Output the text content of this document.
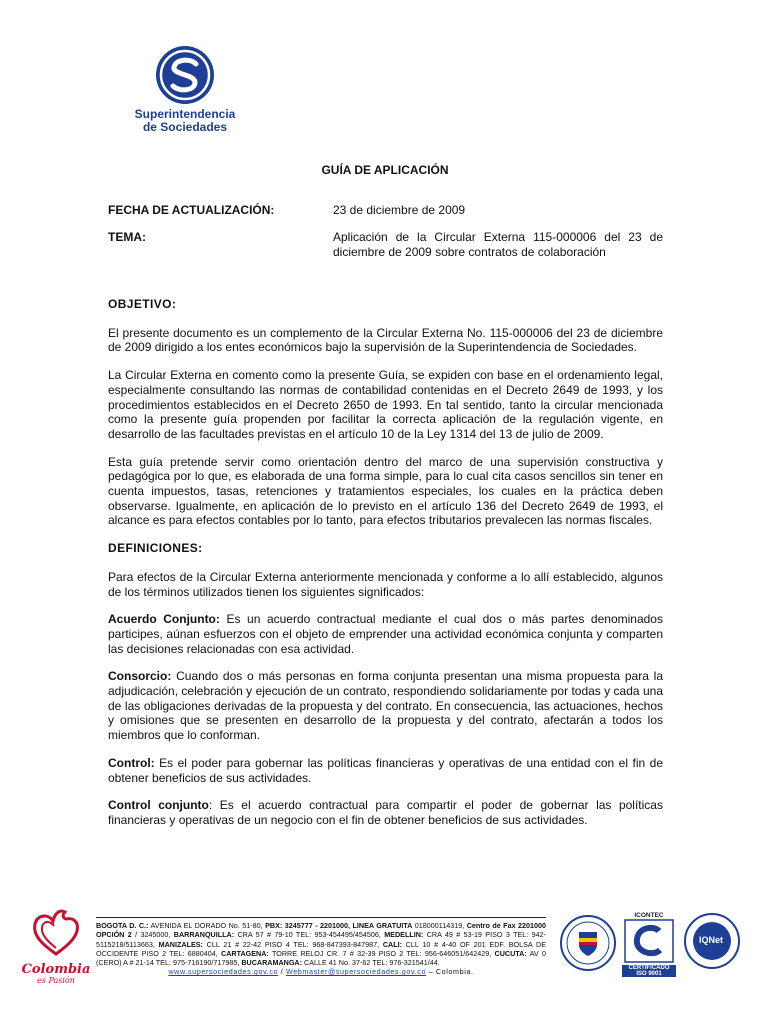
Superintendencia
de Sociedades
GUÍA DE APLICACIÓN
FECHA DE ACTUALIZACIÓN:	23 de diciembre de 2009
TEMA:	Aplicación de la Circular Externa 115-000006 del 23 de diciembre de 2009 sobre contratos de colaboración
OBJETIVO:

El presente documento es un complemento de la Circular Externa No. 115-000006 del 23 de diciembre de 2009 dirigido a los entes económicos bajo la supervisión de la Superintendencia de Sociedades.

La Circular Externa en comento como la presente Guía, se expiden con base en el ordenamiento legal, especialmente consultando las normas de contabilidad contenidas en el Decreto 2649 de 1993, y los procedimientos establecidos en el Decreto 2650 de 1993. En tal sentido, tanto la circular mencionada como la presente guía propenden por facilitar la correcta aplicación de la regulación vigente, en desarrollo de las facultades previstas en el artículo 10 de la Ley 1314 del 13 de julio de 2009.

Esta guía pretende servir como orientación dentro del marco de una supervisión constructiva y pedagógica por lo que, es elaborada de una forma simple, para lo cual cita casos sencillos sin tener en cuenta impuestos, tasas, retenciones y tratamientos especiales, los cuales en la práctica deben observarse. Igualmente, en aplicación de lo previsto en el artículo 136 del Decreto 2649 de 1993, el alcance es para efectos contables por lo tanto, para efectos tributarios prevalecen las normas fiscales.

DEFINICIONES:

Para efectos de la Circular Externa anteriormente mencionada y conforme a lo allí establecido, algunos de los términos utilizados tienen los siguientes significados:

Acuerdo Conjunto: Es un acuerdo contractual mediante el cual dos o más partes denominados participes, aúnan esfuerzos con el objeto de emprender una actividad económica conjunta y comparten las decisiones relacionadas con esa actividad.

Consorcio: Cuando dos o más personas en forma conjunta presentan una misma propuesta para la adjudicación, celebración y ejecución de un contrato, respondiendo solidariamente por todas y cada una de las obligaciones derivadas de la propuesta y del contrato. En consecuencia, las actuaciones, hechos y omisiones que se presenten en desarrollo de la propuesta y del contrato, afectarán a todos los miembros que lo conforman.

Control: Es el poder para gobernar las políticas financieras y operativas de una entidad con el fin de obtener beneficios de sus actividades.

Control conjunto: Es el acuerdo contractual para compartir el poder de gobernar las políticas financieras y operativas de un negocio con el fin de obtener beneficios de sus actividades.

Colombia
es Pasión
BOGOTA D. C.: AVENIDA EL DORADO No. 51-80, PBX: 3245777 - 2201000, LINEA GRATUITA 018000114319, Centro de Fax 2201000 OPCIÓN 2 / 3245000, BARRANQUILLA: CRA 57 # 79-10 TEL: 953-454495/454506, MEDELLIN: CRA 49 # 53-19 PISO 3 TEL: 942-5115218/5113663, MANIZALES: CLL 21 # 22-42 PISO 4 TEL: 968-847393-847987, CALI: CLL 10 # 4-40 OF 201 EDF. BOLSA DE OCCIDENTE PISO 2 TEL: 6880404, CARTAGENA: TORRE RELOJ CR. 7 # 32-39 PISO 2 TEL: 956-646051/642429, CUCUTA: AV 0 (CERO) A # 21-14 TEL: 975-716190/717985, BUCARAMANGA: CALLE 41 No. 37-62 TEL: 976-321541/44.
www.supersociedades.gov.co / Webmaster@supersociedades.gov.co – Colombia.
ICONTEC
CERTIFICADO
ISO 9001
IQNet
